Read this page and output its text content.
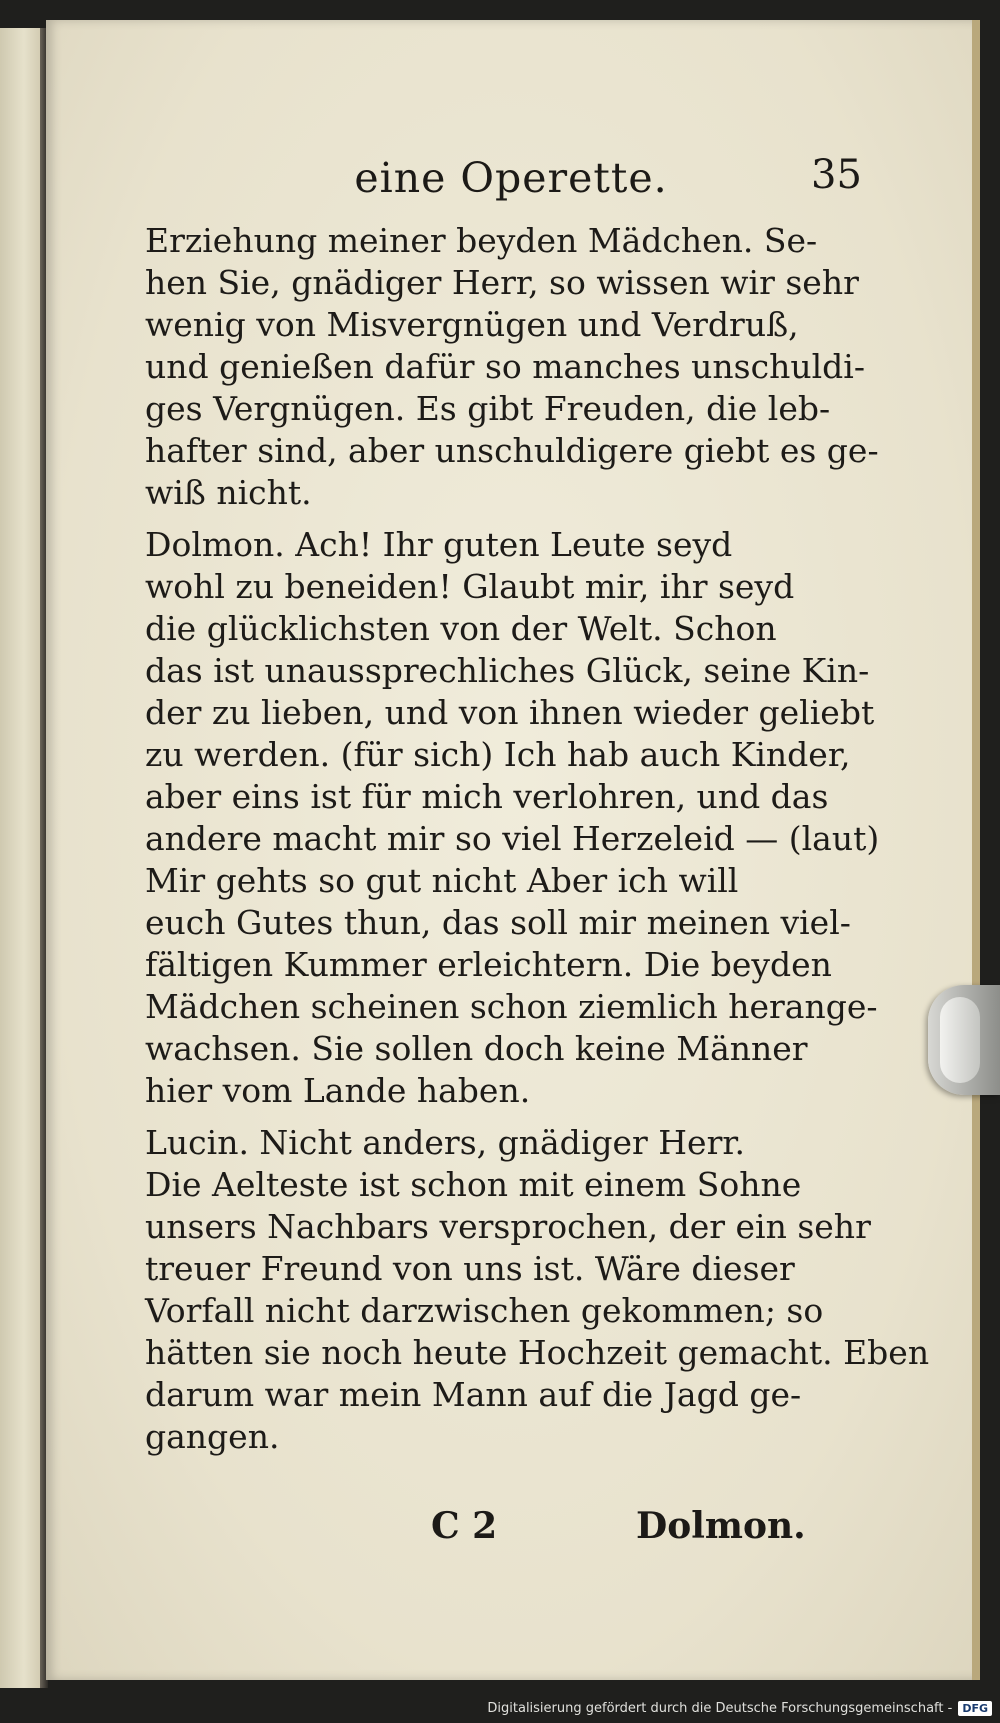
eine Operette.	35
Erziehung meiner beyden Mädchen. Se-
hen Sie, gnädiger Herr, so wissen wir sehr
wenig von Misvergnügen und Verdruß,
und genießen dafür so manches unschuldi-
ges Vergnügen. Es gibt Freuden, die leb-
hafter sind, aber unschuldigere giebt es ge-
wiß nicht.
Dolmon. Ach! Ihr guten Leute seyd
wohl zu beneiden! Glaubt mir, ihr seyd
die glücklichsten von der Welt. Schon
das ist unaussprechliches Glück, seine Kin-
der zu lieben, und von ihnen wieder geliebt
zu werden. (für sich) Ich hab auch Kinder,
aber eins ist für mich verlohren, und das
andere macht mir so viel Herzeleid — (laut)
Mir gehts so gut nicht Aber ich will
euch Gutes thun, das soll mir meinen viel-
fältigen Kummer erleichtern. Die beyden
Mädchen scheinen schon ziemlich herange-
wachsen. Sie sollen doch keine Männer
hier vom Lande haben.
Lucin. Nicht anders, gnädiger Herr.
Die Aelteste ist schon mit einem Sohne
unsers Nachbars versprochen, der ein sehr
treuer Freund von uns ist. Wäre dieser
Vorfall nicht darzwischen gekommen; so
hätten sie noch heute Hochzeit gemacht. Eben
darum war mein Mann auf die Jagd ge-
gangen.
C 2	Dolmon.
Digitalisierung gefördert durch die Deutsche Forschungsgemeinschaft - DFG
